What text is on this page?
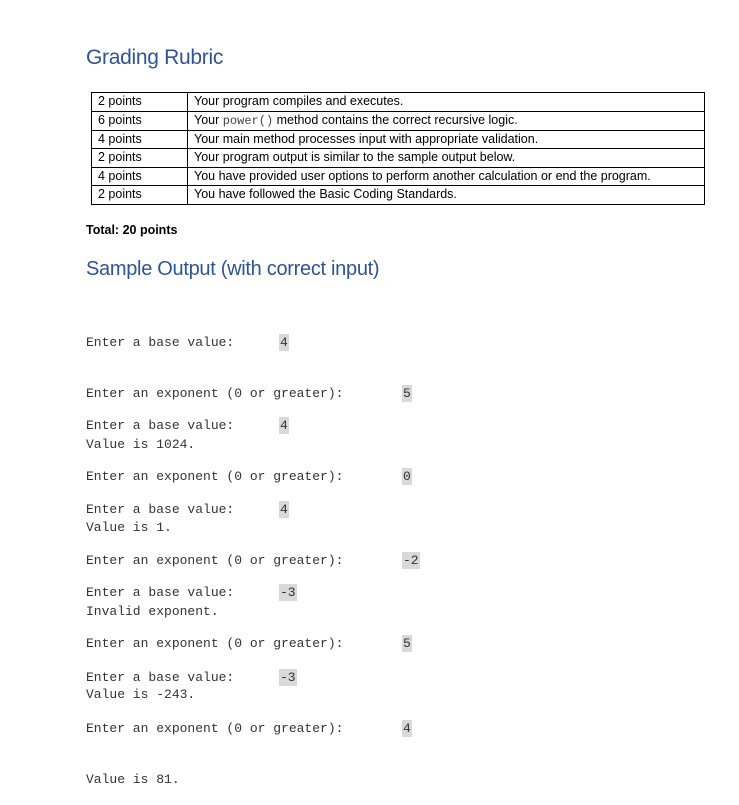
Grading Rubric
2 points	Your program compiles and executes.
6 points	Your power() method contains the correct recursive logic.
4 points	Your main method processes input with appropriate validation.
2 points	Your program output is similar to the sample output below.
4 points	You have provided user options to perform another calculation or end the program.
2 points	You have followed the Basic Coding Standards.
Total: 20 points
Sample Output (with correct input)

Enter a base value:	4

Enter an exponent (0 or greater):	5

Value is 1024.

Enter a base value:	4

Enter an exponent (0 or greater):	0

Value is 1.

Enter a base value:	4

Enter an exponent (0 or greater):	-2

Invalid exponent.

Enter a base value:	-3

Enter an exponent (0 or greater):	5

Value is -243.

Enter a base value:	-3

Enter an exponent (0 or greater):	4

Value is 81.
